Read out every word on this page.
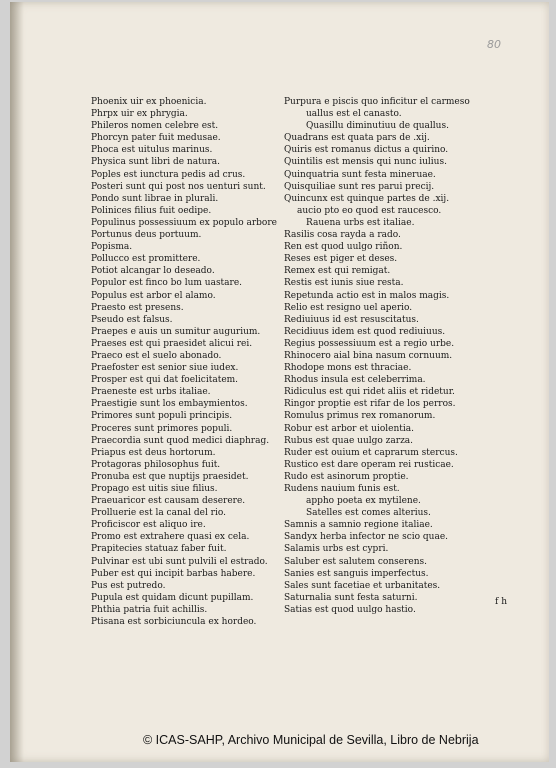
80
Phoenix uir ex phoenicia.
Phrpx uir ex phrygia.
Phileros nomen celebre est.
Phorcyn pater fuit medusae.
Phoca est uitulus marinus.
Physica sunt libri de natura.
Poples est iunctura pedis ad crus.
Posteri sunt qui post nos uenturi sunt.
Pondo sunt librae in plurali.
Polinices filius fuit oedipe.
Populinus possessiuum ex populo arbore
Portunus deus portuum.
Popisma.
Pollucco est promittere.
Potiot alcangar lo deseado.
Populor est finco bo lum uastare.
Populus est arbor el alamo.
Praesto est presens.
Pseudo est falsus.
Praepes e auis un sumitur augurium.
Praeses est qui praesidet alicui rei.
Praeco est el suelo abonado.
Praefoster est senior siue iudex.
Prosper est qui dat foelicitatem.
Praeneste est urbs italiae.
Praestigie sunt los embaymientos.
Primores sunt populi principis.
Proceres sunt primores populi.
Praecordia sunt quod medici diaphrag.
Priapus est deus hortorum.
Protagoras philosophus fuit.
Pronuba est que nuptijs praesidet.
Propago est uitis siue filius.
Praeuaricor est causam deserere.
Prolluerie est la canal del rio.
Proficiscor est aliquo ire.
Promo est extrahere quasi ex cela.
Prapitecies statuaz faber fuit.
Pulvinar est ubi sunt pulvili el estrado.
Puber est qui incipit barbas habere.
Pus est putredo.
Pupula est quidam dicunt pupillam.
Phthia patria fuit achillis.
Ptisana est sorbiciuncula ex hordeo.
Purpura e piscis quo inficitur el carmeso
uallus est el canasto.
Quasillu diminutiuu de quallus.
Quadrans est quata pars de .xij.
Quiris est romanus dictus a quirino.
Quintilis est mensis qui nunc iulius.
Quinquatria sunt festa mineruae.
Quisquiliae sunt res parui precij.
Quincunx est quinque partes de .xij.
aucio pto eo quod est raucesco.
Rauena urbs est italiae.
Rasilis cosa rayda a rado.
Ren est quod uulgo riñon.
Reses est piger et deses.
Remex est qui remigat.
Restis est iunis siue resta.
Repetunda actio est in malos magis.
Relio est resigno uel aperio.
Rediuiuus id est resuscitatus.
Recidiuus idem est quod rediuiuus.
Regius possessiuum est a regio urbe.
Rhinocero aial bina nasum cornuum.
Rhodope mons est thraciae.
Rhodus insula est celeberrima.
Ridiculus est qui ridet aliis et ridetur.
Ringor proptie est rifar de los perros.
Romulus primus rex romanorum.
Robur est arbor et uiolentia.
Rubus est quae uulgo zarza.
Ruder est ouium et caprarum stercus.
Rustico est dare operam rei rusticae.
Rudo est asinorum proptie.
Rudens nauium funis est.
appho poeta ex mytilene.
Satelles est comes alterius.
Samnis a samnio regione italiae.
Sandyx herba infector ne scio quae.
Salamis urbs est cypri.
Saluber est salutem conserens.
Sanies est sanguis imperfectus.
Sales sunt facetiae et urbanitates.
Saturnalia sunt festa saturni.
Satias est quod uulgo hastio.
f h
© ICAS-SAHP, Archivo Municipal de Sevilla, Libro de Nebrija
